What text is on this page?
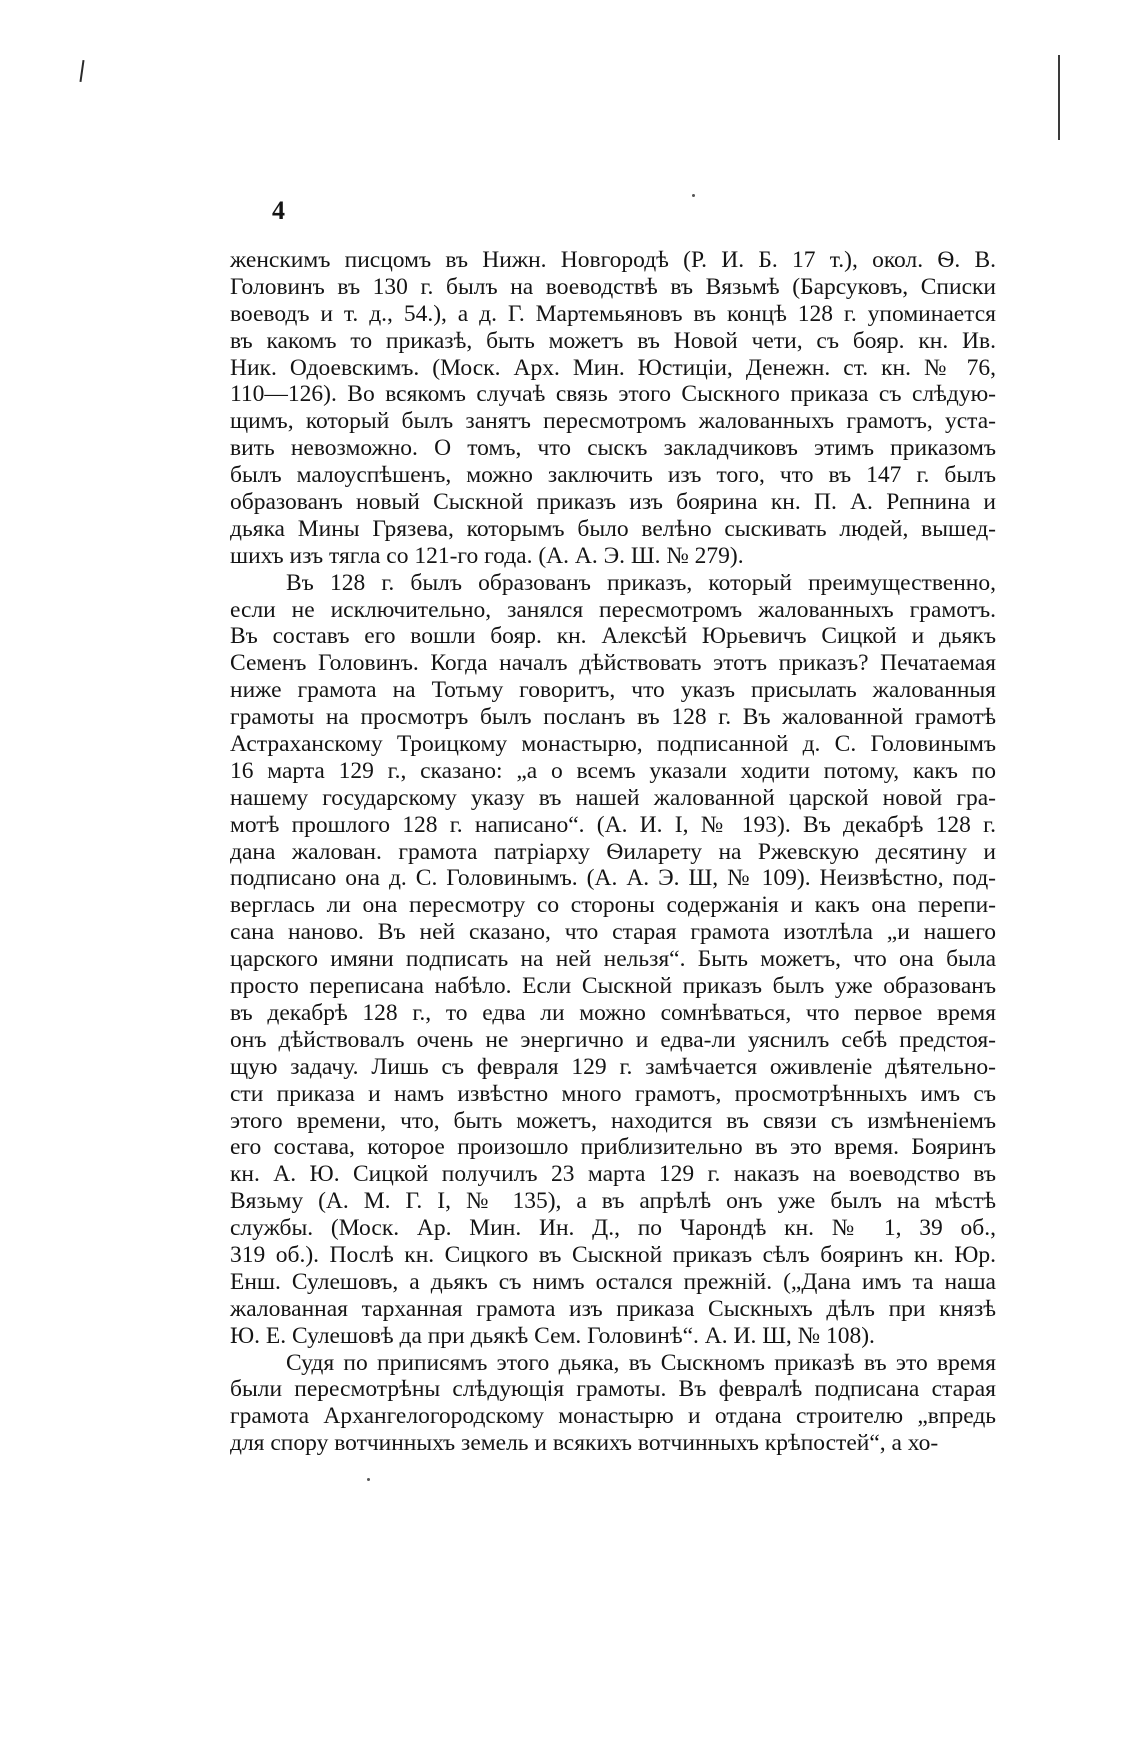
4
женскимъ писцомъ въ Нижн. Новгородѣ (Р. И. Б. 17 т.), окол. Ѳ. В.
Головинъ въ 130 г. былъ на воеводствѣ въ Вязьмѣ (Барсуковъ, Списки
воеводъ и т. д., 54.), а д. Г. Мартемьяновъ въ концѣ 128 г. упоминается
въ какомъ то приказѣ, быть можетъ въ Новой чети, съ бояр. кн. Ив.
Ник. Одоевскимъ. (Моск. Арх. Мин. Юстиціи, Денежн. ст. кн. № 76,
110—126). Во всякомъ случаѣ связь этого Сыскного приказа съ слѣдую-
щимъ, который былъ занятъ пересмотромъ жалованныхъ грамотъ, уста-
вить невозможно. О томъ, что сыскъ закладчиковъ этимъ приказомъ
былъ малоуспѣшенъ, можно заключить изъ того, что въ 147 г. былъ
образованъ новый Сыскной приказъ изъ боярина кн. П. А. Репнина и
дьяка Мины Грязева, которымъ было велѣно сыскивать людей, вышед-
шихъ изъ тягла со 121-го года. (А. А. Э. Ш. № 279).
Въ 128 г. былъ образованъ приказъ, который преимущественно,
если не исключительно, занялся пересмотромъ жалованныхъ грамотъ.
Въ составъ его вошли бояр. кн. Алексѣй Юрьевичъ Сицкой и дьякъ
Семенъ Головинъ. Когда началъ дѣйствовать этотъ приказъ? Печатаемая
ниже грамота на Тотьму говоритъ, что указъ присылать жалованныя
грамоты на просмотръ былъ посланъ въ 128 г. Въ жалованной грамотѣ
Астраханскому Троицкому монастырю, подписанной д. С. Головинымъ
16 марта 129 г., сказано: „а о всемъ указали ходити потому, какъ по
нашему государскому указу въ нашей жалованной царской новой гра-
мотѣ прошлого 128 г. написано“. (А. И. I, № 193). Въ декабрѣ 128 г.
дана жалован. грамота патріарху Ѳиларету на Ржевскую десятину и
подписано она д. С. Головинымъ. (А. А. Э. Ш, № 109). Неизвѣстно, под-
верглась ли она пересмотру со стороны содержанія и какъ она перепи-
сана наново. Въ ней сказано, что старая грамота изотлѣла „и нашего
царского имяни подписать на ней нельзя“. Быть можетъ, что она была
просто переписана набѣло. Если Сыскной приказъ былъ уже образованъ
въ декабрѣ 128 г., то едва ли можно сомнѣваться, что первое время
онъ дѣйствовалъ очень не энергично и едва-ли уяснилъ себѣ предстоя-
щую задачу. Лишь съ февраля 129 г. замѣчается оживленіе дѣятельно-
сти приказа и намъ извѣстно много грамотъ, просмотрѣнныхъ имъ съ
этого времени, что, быть можетъ, находится въ связи съ измѣненіемъ
его состава, которое произошло приблизительно въ это время. Бояринъ
кн. А. Ю. Сицкой получилъ 23 марта 129 г. наказъ на воеводство въ
Вязьму (А. М. Г. I, № 135), а въ апрѣлѣ онъ уже былъ на мѣстѣ
службы. (Моск. Ар. Мин. Ин. Д., по Чарондѣ кн. № 1, 39 об.,
319 об.). Послѣ кн. Сицкого въ Сыскной приказъ сѣлъ бояринъ кн. Юр.
Енш. Сулешовъ, а дьякъ съ нимъ остался прежній. („Дана имъ та наша
жалованная тарханная грамота изъ приказа Сыскныхъ дѣлъ при князѣ
Ю. Е. Сулешовѣ да при дьякѣ Сем. Головинѣ“. А. И. Ш, № 108).
Судя по приписямъ этого дьяка, въ Сыскномъ приказѣ въ это время
были пересмотрѣны слѣдующія грамоты. Въ февралѣ подписана старая
грамота Архангелогородскому монастырю и отдана строителю „впредь
для спору вотчинныхъ земель и всякихъ вотчинныхъ крѣпостей“, а хо-
